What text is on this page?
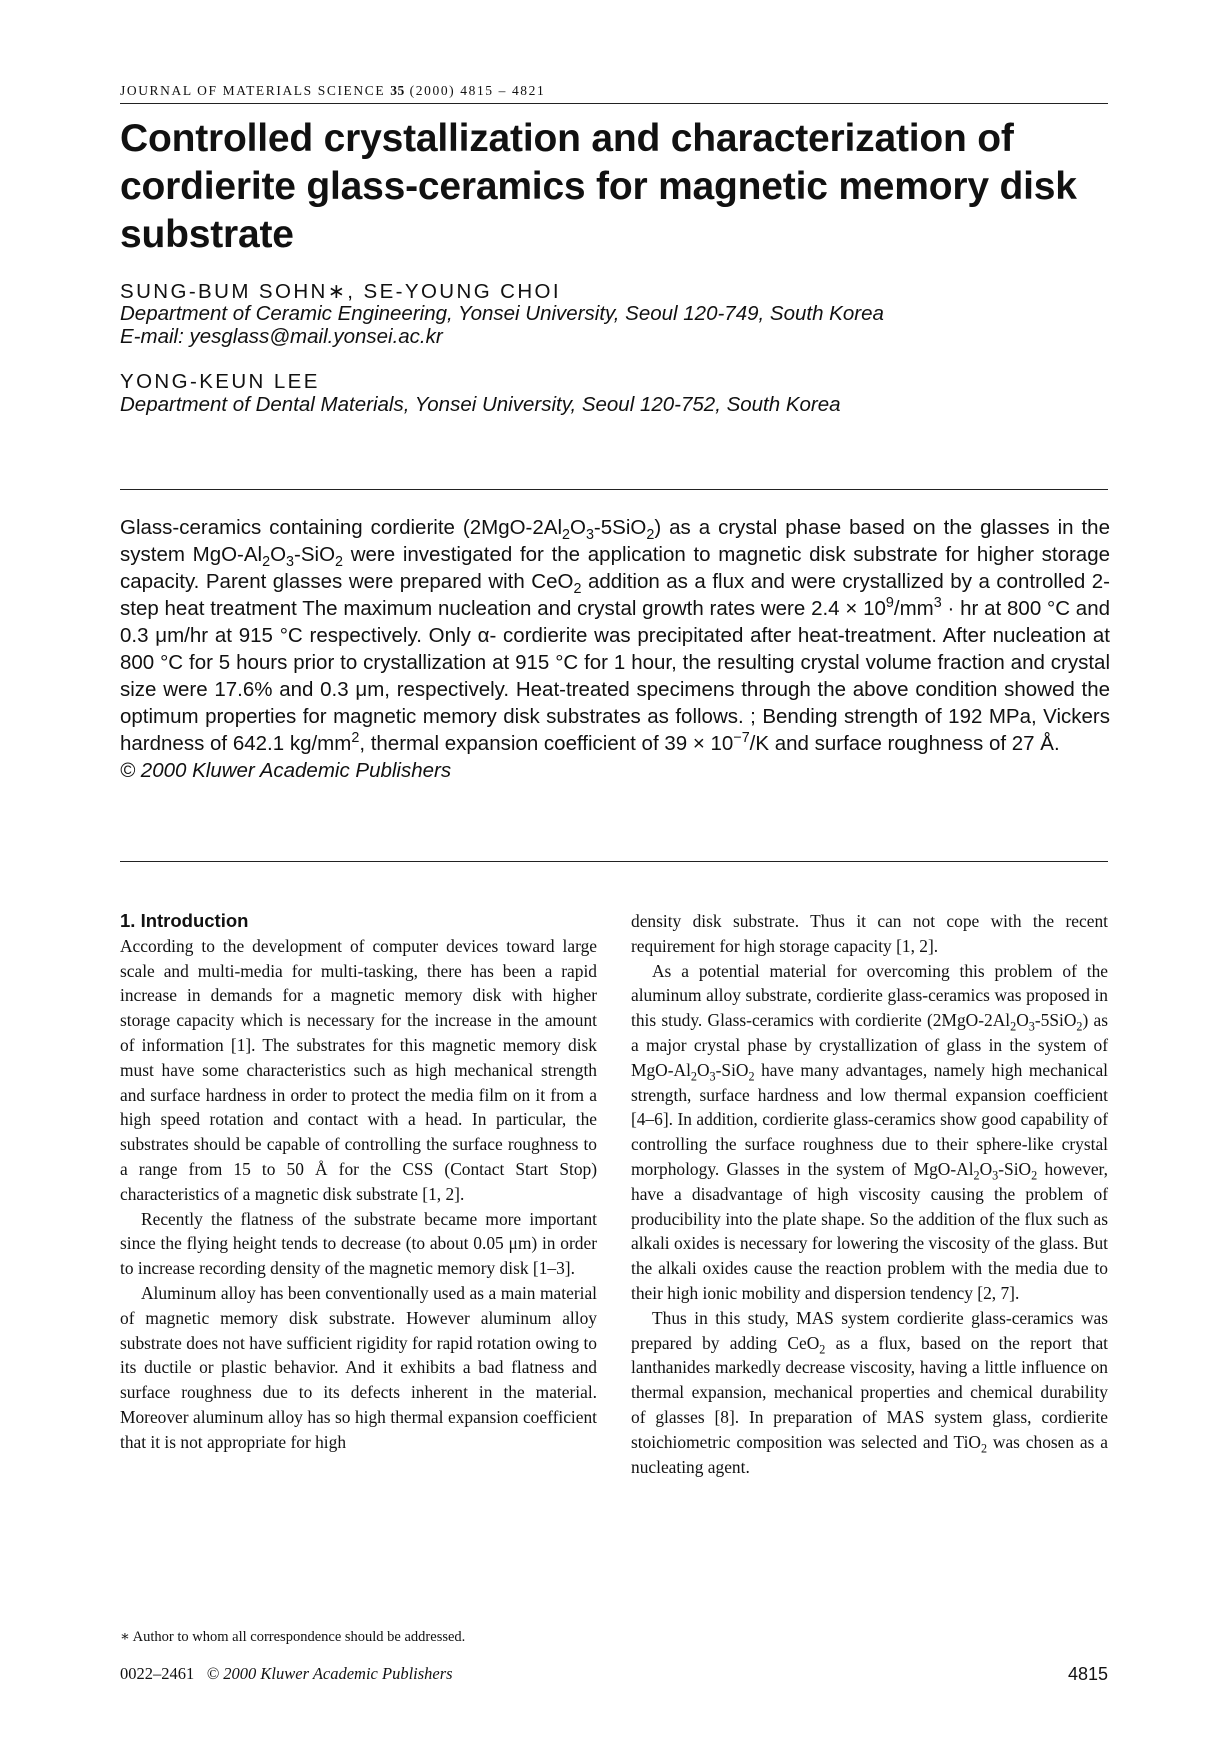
JOURNAL OF MATERIALS SCIENCE 35 (2000) 4815 – 4821
Controlled crystallization and characterization of cordierite glass-ceramics for magnetic memory disk substrate
SUNG-BUM SOHN∗, SE-YOUNG CHOI
Department of Ceramic Engineering, Yonsei University, Seoul 120-749, South Korea
E-mail: yesglass@mail.yonsei.ac.kr
YONG-KEUN LEE
Department of Dental Materials, Yonsei University, Seoul 120-752, South Korea

Glass-ceramics containing cordierite $(2MgO-2Al_2O_3-5SiO_2)$ as a crystal phase based on the glasses in the system MgO-$Al_2O_3-SiO_2$ were investigated for the application to magnetic disk substrate for higher storage capacity. Parent glasses were prepared with CeO$_2$ addition as a flux and were crystallized by a controlled 2-step heat treatment The maximum nucleation and crystal growth rates were $2.4 \times 10^9/mm^3$ · hr at 800 °C and 0.3 μm/hr at 915 °C respectively. Only α- cordierite was precipitated after heat-treatment. After nucleation at 800 °C for 5 hours prior to crystallization at 915 °C for 1 hour, the resulting crystal volume fraction and crystal size were 17.6% and 0.3 μm, respectively. Heat-treated specimens through the above condition showed the optimum properties for magnetic memory disk substrates as follows. ; Bending strength of 192 MPa, Vickers hardness of 642.1 $kg/mm^2$, thermal expansion coefficient of $39 \times 10^{-7}/K$ and surface roughness of 27 Å.

© 2000 Kluwer Academic Publishers

1. Introduction

According to the development of computer devices toward large scale and multi-media for multi-tasking, there has been a rapid increase in demands for a magnetic memory disk with higher storage capacity which is necessary for the increase in the amount of information [1]. The substrates for this magnetic memory disk must have some characteristics such as high mechanical strength and surface hardness in order to protect the media film on it from a high speed rotation and contact with a head. In particular, the substrates should be capable of controlling the surface roughness to a range from 15 to 50 Å for the CSS (Contact Start Stop) characteristics of a magnetic disk substrate [1, 2].

Recently the flatness of the substrate became more important since the flying height tends to decrease (to about 0.05 μm) in order to increase recording density of the magnetic memory disk [1–3].

Aluminum alloy has been conventionally used as a main material of magnetic memory disk substrate. However aluminum alloy substrate does not have sufficient rigidity for rapid rotation owing to its ductile or plastic behavior. And it exhibits a bad flatness and surface roughness due to its defects inherent in the material. Moreover aluminum alloy has so high thermal expansion coefficient that it is not appropriate for high

density disk substrate. Thus it can not cope with the recent requirement for high storage capacity [1, 2].

As a potential material for overcoming this problem of the aluminum alloy substrate, cordierite glass-ceramics was proposed in this study. Glass-ceramics with cordierite $(2MgO-2Al_2O_3-5SiO_2)$ as a major crystal phase by crystallization of glass in the system of MgO-$Al_2O_3-SiO_2$ have many advantages, namely high mechanical strength, surface hardness and low thermal expansion coefficient [4–6]. In addition, cordierite glass-ceramics show good capability of controlling the surface roughness due to their sphere-like crystal morphology. Glasses in the system of MgO-$Al_2O_3-SiO_2$ however, have a disadvantage of high viscosity causing the problem of producibility into the plate shape. So the addition of the flux such as alkali oxides is necessary for lowering the viscosity of the glass. But the alkali oxides cause the reaction problem with the media due to their high ionic mobility and dispersion tendency [2, 7].

Thus in this study, MAS system cordierite glass-ceramics was prepared by adding CeO$_2$ as a flux, based on the report that lanthanides markedly decrease viscosity, having a little influence on thermal expansion, mechanical properties and chemical durability of glasses [8]. In preparation of MAS system glass, cordierite stoichiometric composition was selected and TiO$_2$ was chosen as a nucleating agent.

∗ Author to whom all correspondence should be addressed.
0022–2461 © 2000 Kluwer Academic Publishers	4815
